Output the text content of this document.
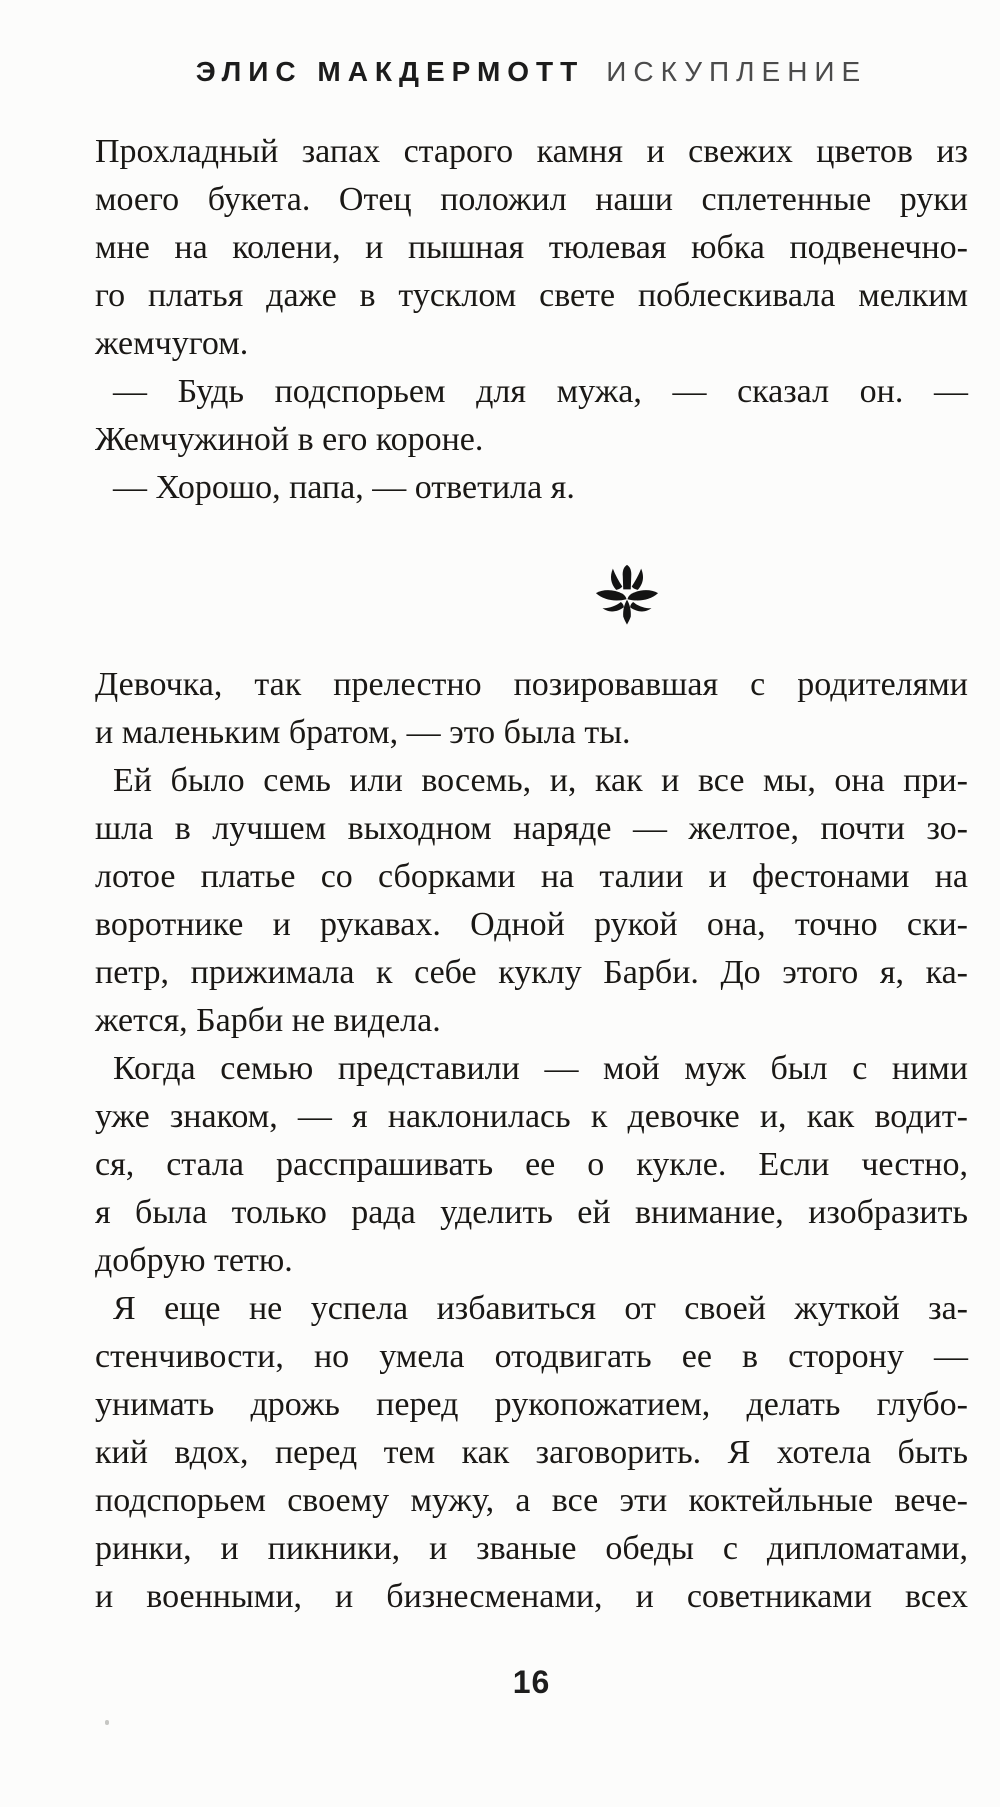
ЭЛИС МАКДЕРМОТТ ИСКУПЛЕНИЕ
Прохладный запах старого камня и свежих цветов из
моего букета. Отец положил наши сплетенные руки
мне на колени, и пышная тюлевая юбка подвенечно-
го платья даже в тусклом свете поблескивала мелким
жемчугом.
— Будь подспорьем для мужа, — сказал он. —
Жемчужиной в его короне.
— Хорошо, папа, — ответила я.
Девочка, так прелестно позировавшая с родителями
и маленьким братом, — это была ты.
Ей было семь или восемь, и, как и все мы, она при-
шла в лучшем выходном наряде — желтое, почти зо-
лотое платье со сборками на талии и фестонами на
воротнике и рукавах. Одной рукой она, точно ски-
петр, прижимала к себе куклу Барби. До этого я, ка-
жется, Барби не видела.
Когда семью представили — мой муж был с ними
уже знаком, — я наклонилась к девочке и, как водит-
ся, стала расспрашивать ее о кукле. Если честно,
я была только рада уделить ей внимание, изобразить
добрую тетю.
Я еще не успела избавиться от своей жуткой за-
стенчивости, но умела отодвигать ее в сторону —
унимать дрожь перед рукопожатием, делать глубо-
кий вдох, перед тем как заговорить. Я хотела быть
подспорьем своему мужу, а все эти коктейльные вече-
ринки, и пикники, и званые обеды с дипломатами,
и военными, и бизнесменами, и советниками всех
16
